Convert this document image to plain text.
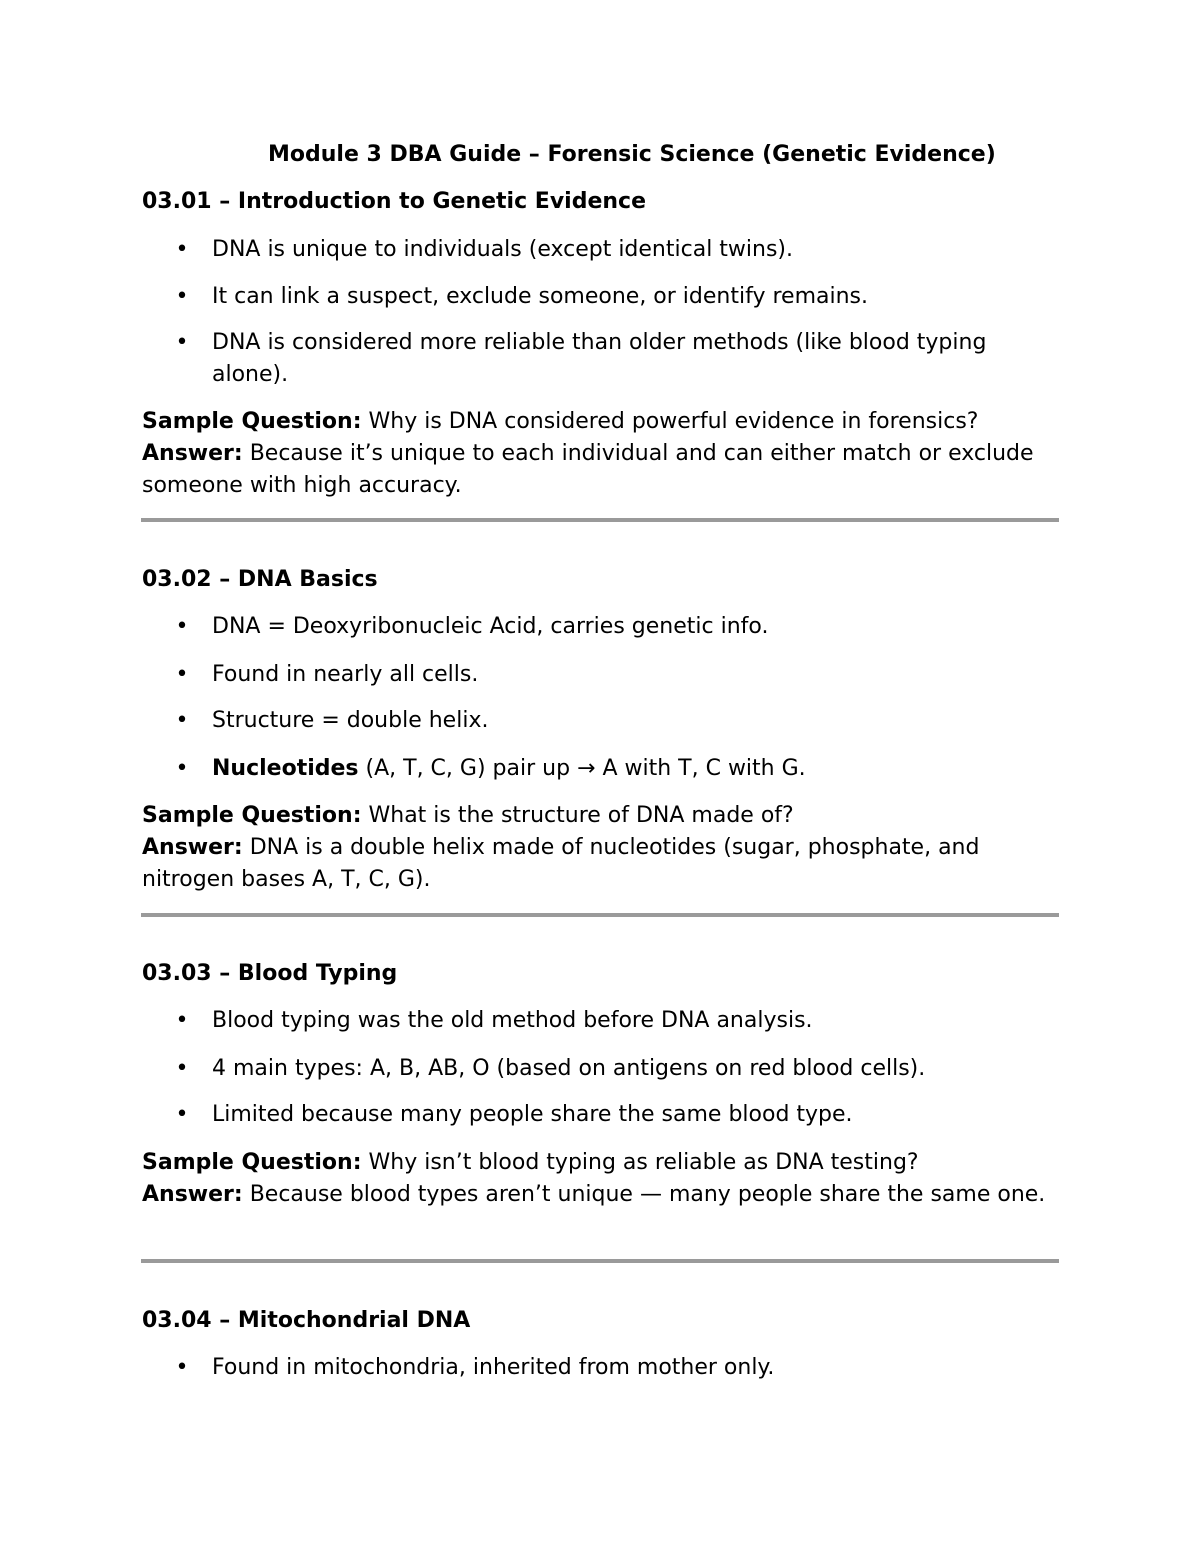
Module 3 DBA Guide – Forensic Science (Genetic Evidence)
03.01 – Introduction to Genetic Evidence
• DNA is unique to individuals (except identical twins).
• It can link a suspect, exclude someone, or identify remains.
• DNA is considered more reliable than older methods (like blood typing alone).
Sample Question: Why is DNA considered powerful evidence in forensics?
Answer: Because it’s unique to each individual and can either match or exclude someone with high accuracy.
03.02 – DNA Basics
• DNA = Deoxyribonucleic Acid, carries genetic info.
• Found in nearly all cells.
• Structure = double helix.
• Nucleotides (A, T, C, G) pair up → A with T, C with G.
Sample Question: What is the structure of DNA made of?
Answer: DNA is a double helix made of nucleotides (sugar, phosphate, and nitrogen bases A, T, C, G).
03.03 – Blood Typing
• Blood typing was the old method before DNA analysis.
• 4 main types: A, B, AB, O (based on antigens on red blood cells).
• Limited because many people share the same blood type.
Sample Question: Why isn’t blood typing as reliable as DNA testing?
Answer: Because blood types aren’t unique — many people share the same one.
03.04 – Mitochondrial DNA
• Found in mitochondria, inherited from mother only.
